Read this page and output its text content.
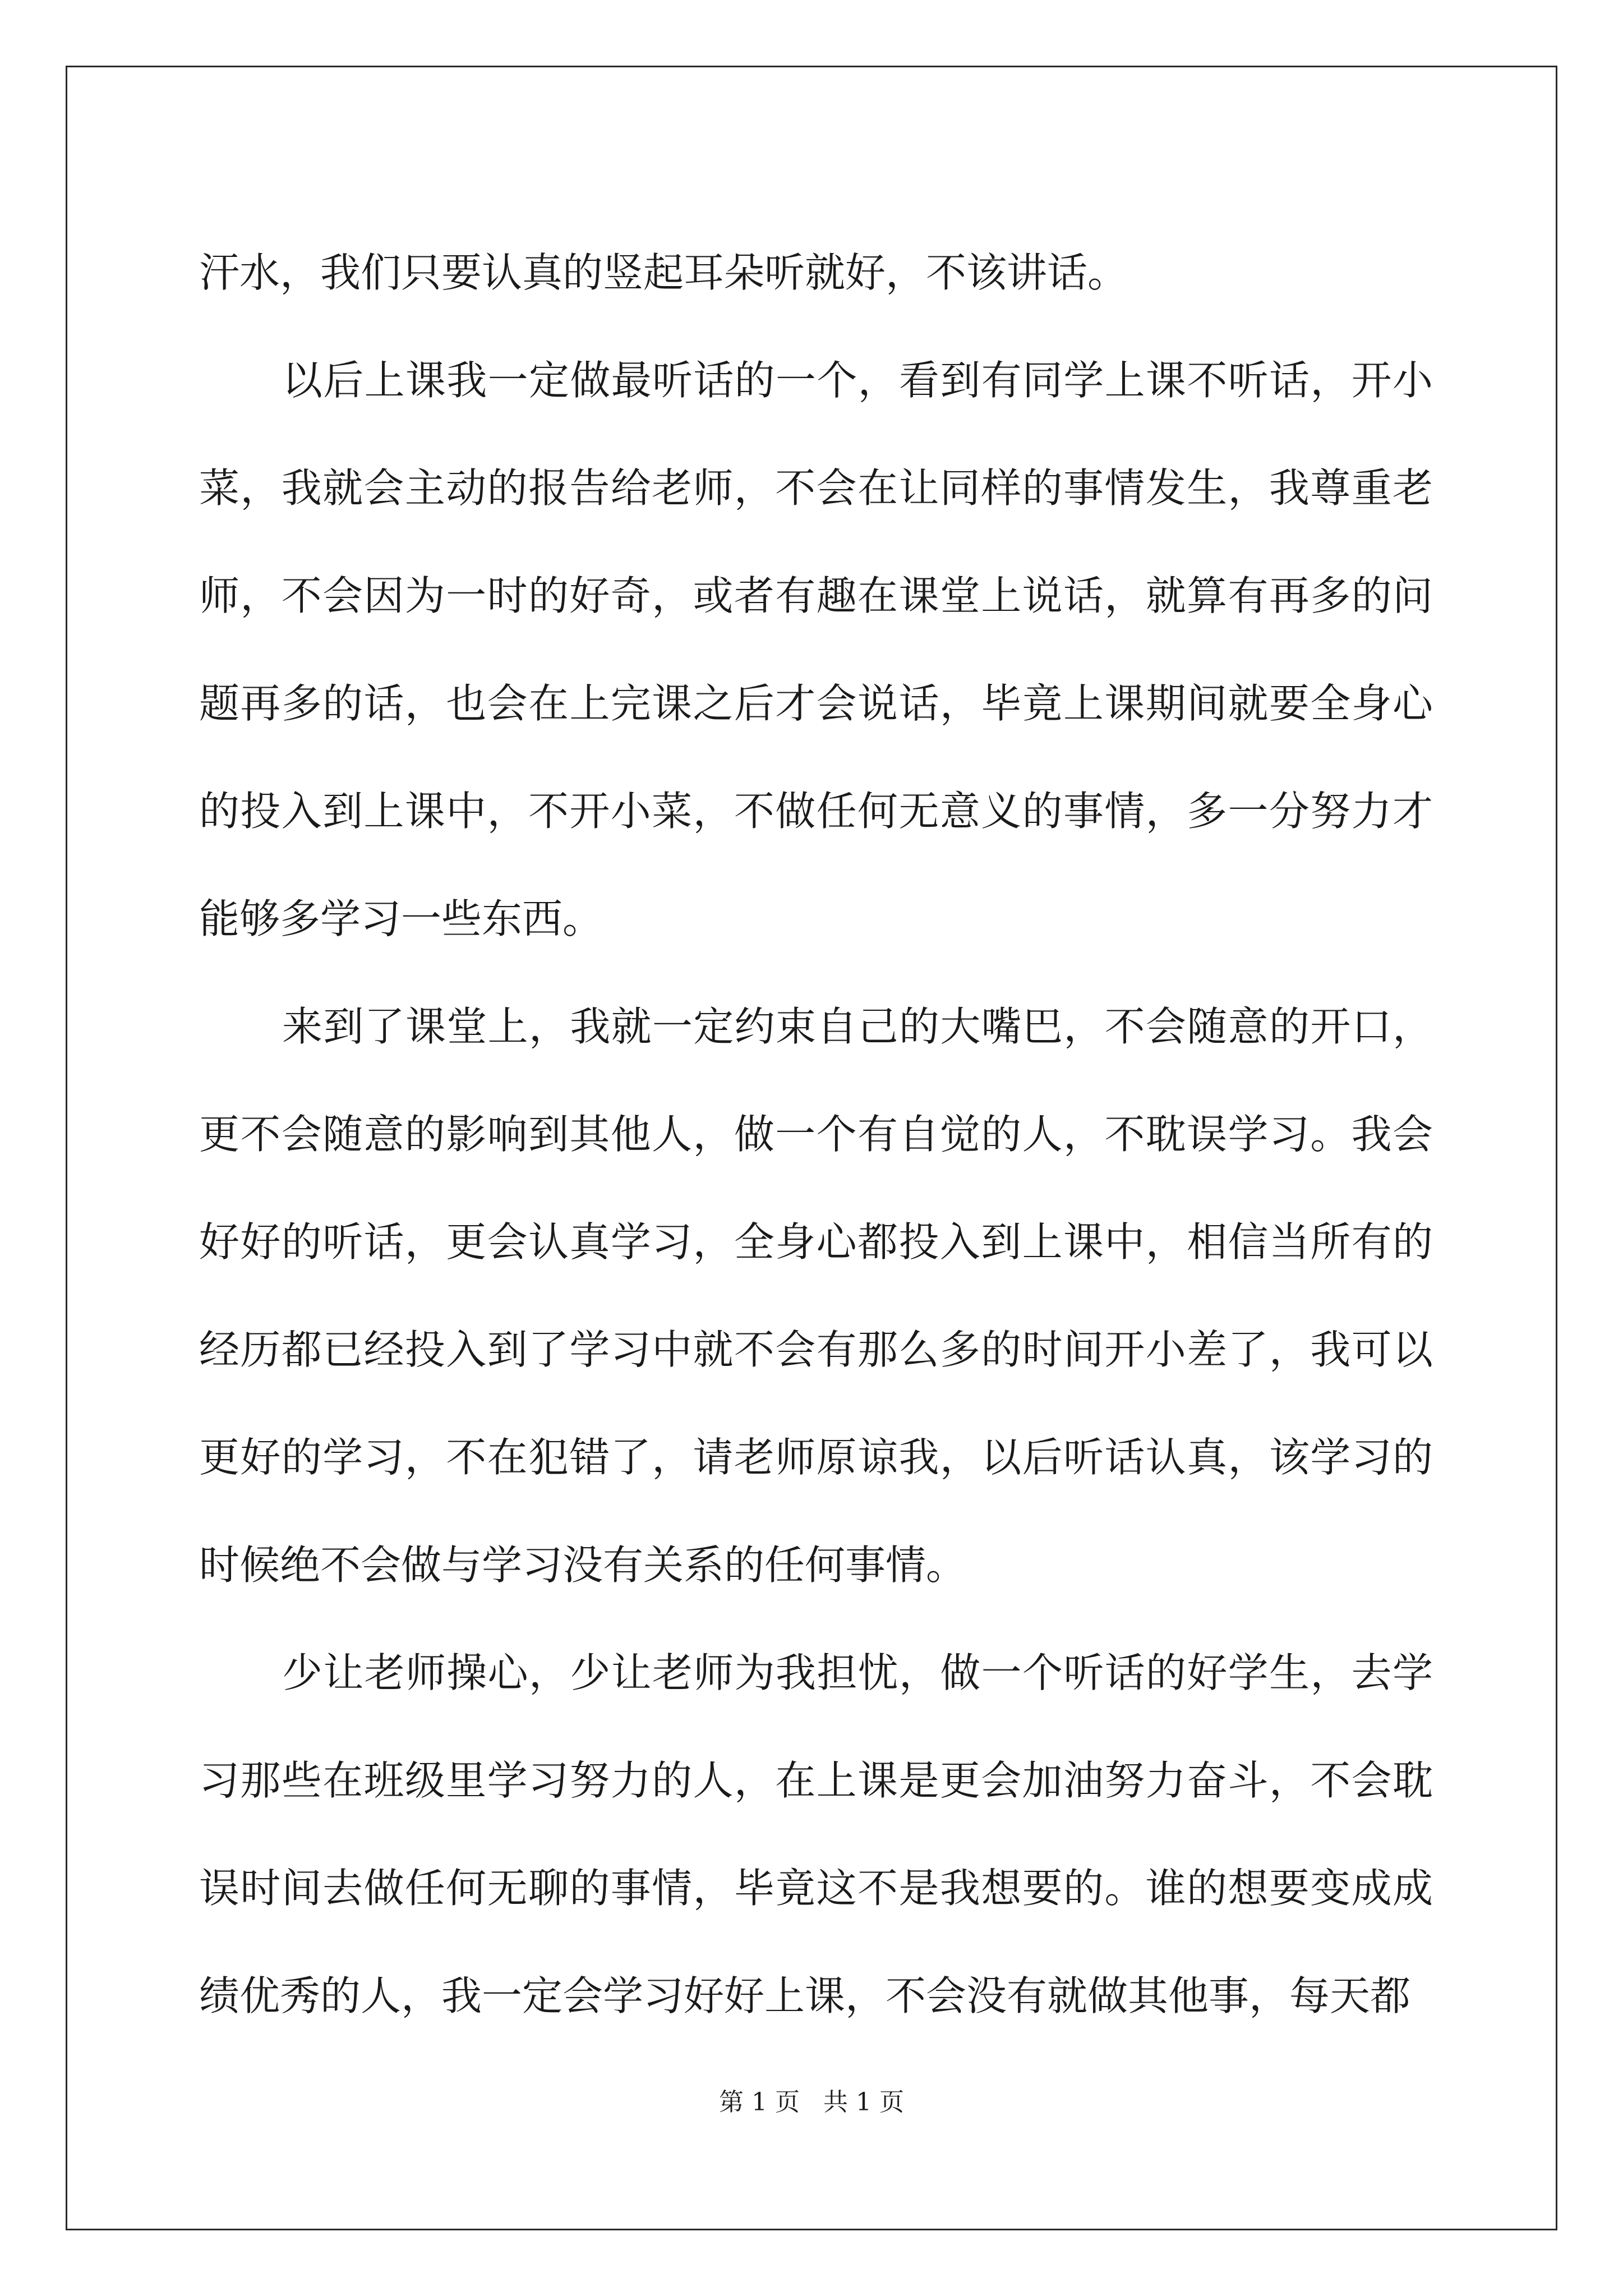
汗水，我们只要认真的竖起耳朵听就好，不该讲话。

以后上课我一定做最听话的一个，看到有同学上课不听话，开小菜，我就会主动的报告给老师，不会在让同样的事情发生，我尊重老师，不会因为一时的好奇，或者有趣在课堂上说话，就算有再多的问题再多的话，也会在上完课之后才会说话，毕竟上课期间就要全身心的投入到上课中，不开小菜，不做任何无意义的事情，多一分努力才能够多学习一些东西。

来到了课堂上，我就一定约束自己的大嘴巴，不会随意的开口，更不会随意的影响到其他人，做一个有自觉的人，不耽误学习。我会好好的听话，更会认真学习，全身心都投入到上课中，相信当所有的经历都已经投入到了学习中就不会有那么多的时间开小差了，我可以更好的学习，不在犯错了，请老师原谅我，以后听话认真，该学习的时候绝不会做与学习没有关系的任何事情。

少让老师操心，少让老师为我担忧，做一个听话的好学生，去学习那些在班级里学习努力的人，在上课是更会加油努力奋斗，不会耽误时间去做任何无聊的事情，毕竟这不是我想要的。谁的想要变成成绩优秀的人，我一定会学习好好上课，不会没有就做其他事，每天都

第 1 页   共 1 页
